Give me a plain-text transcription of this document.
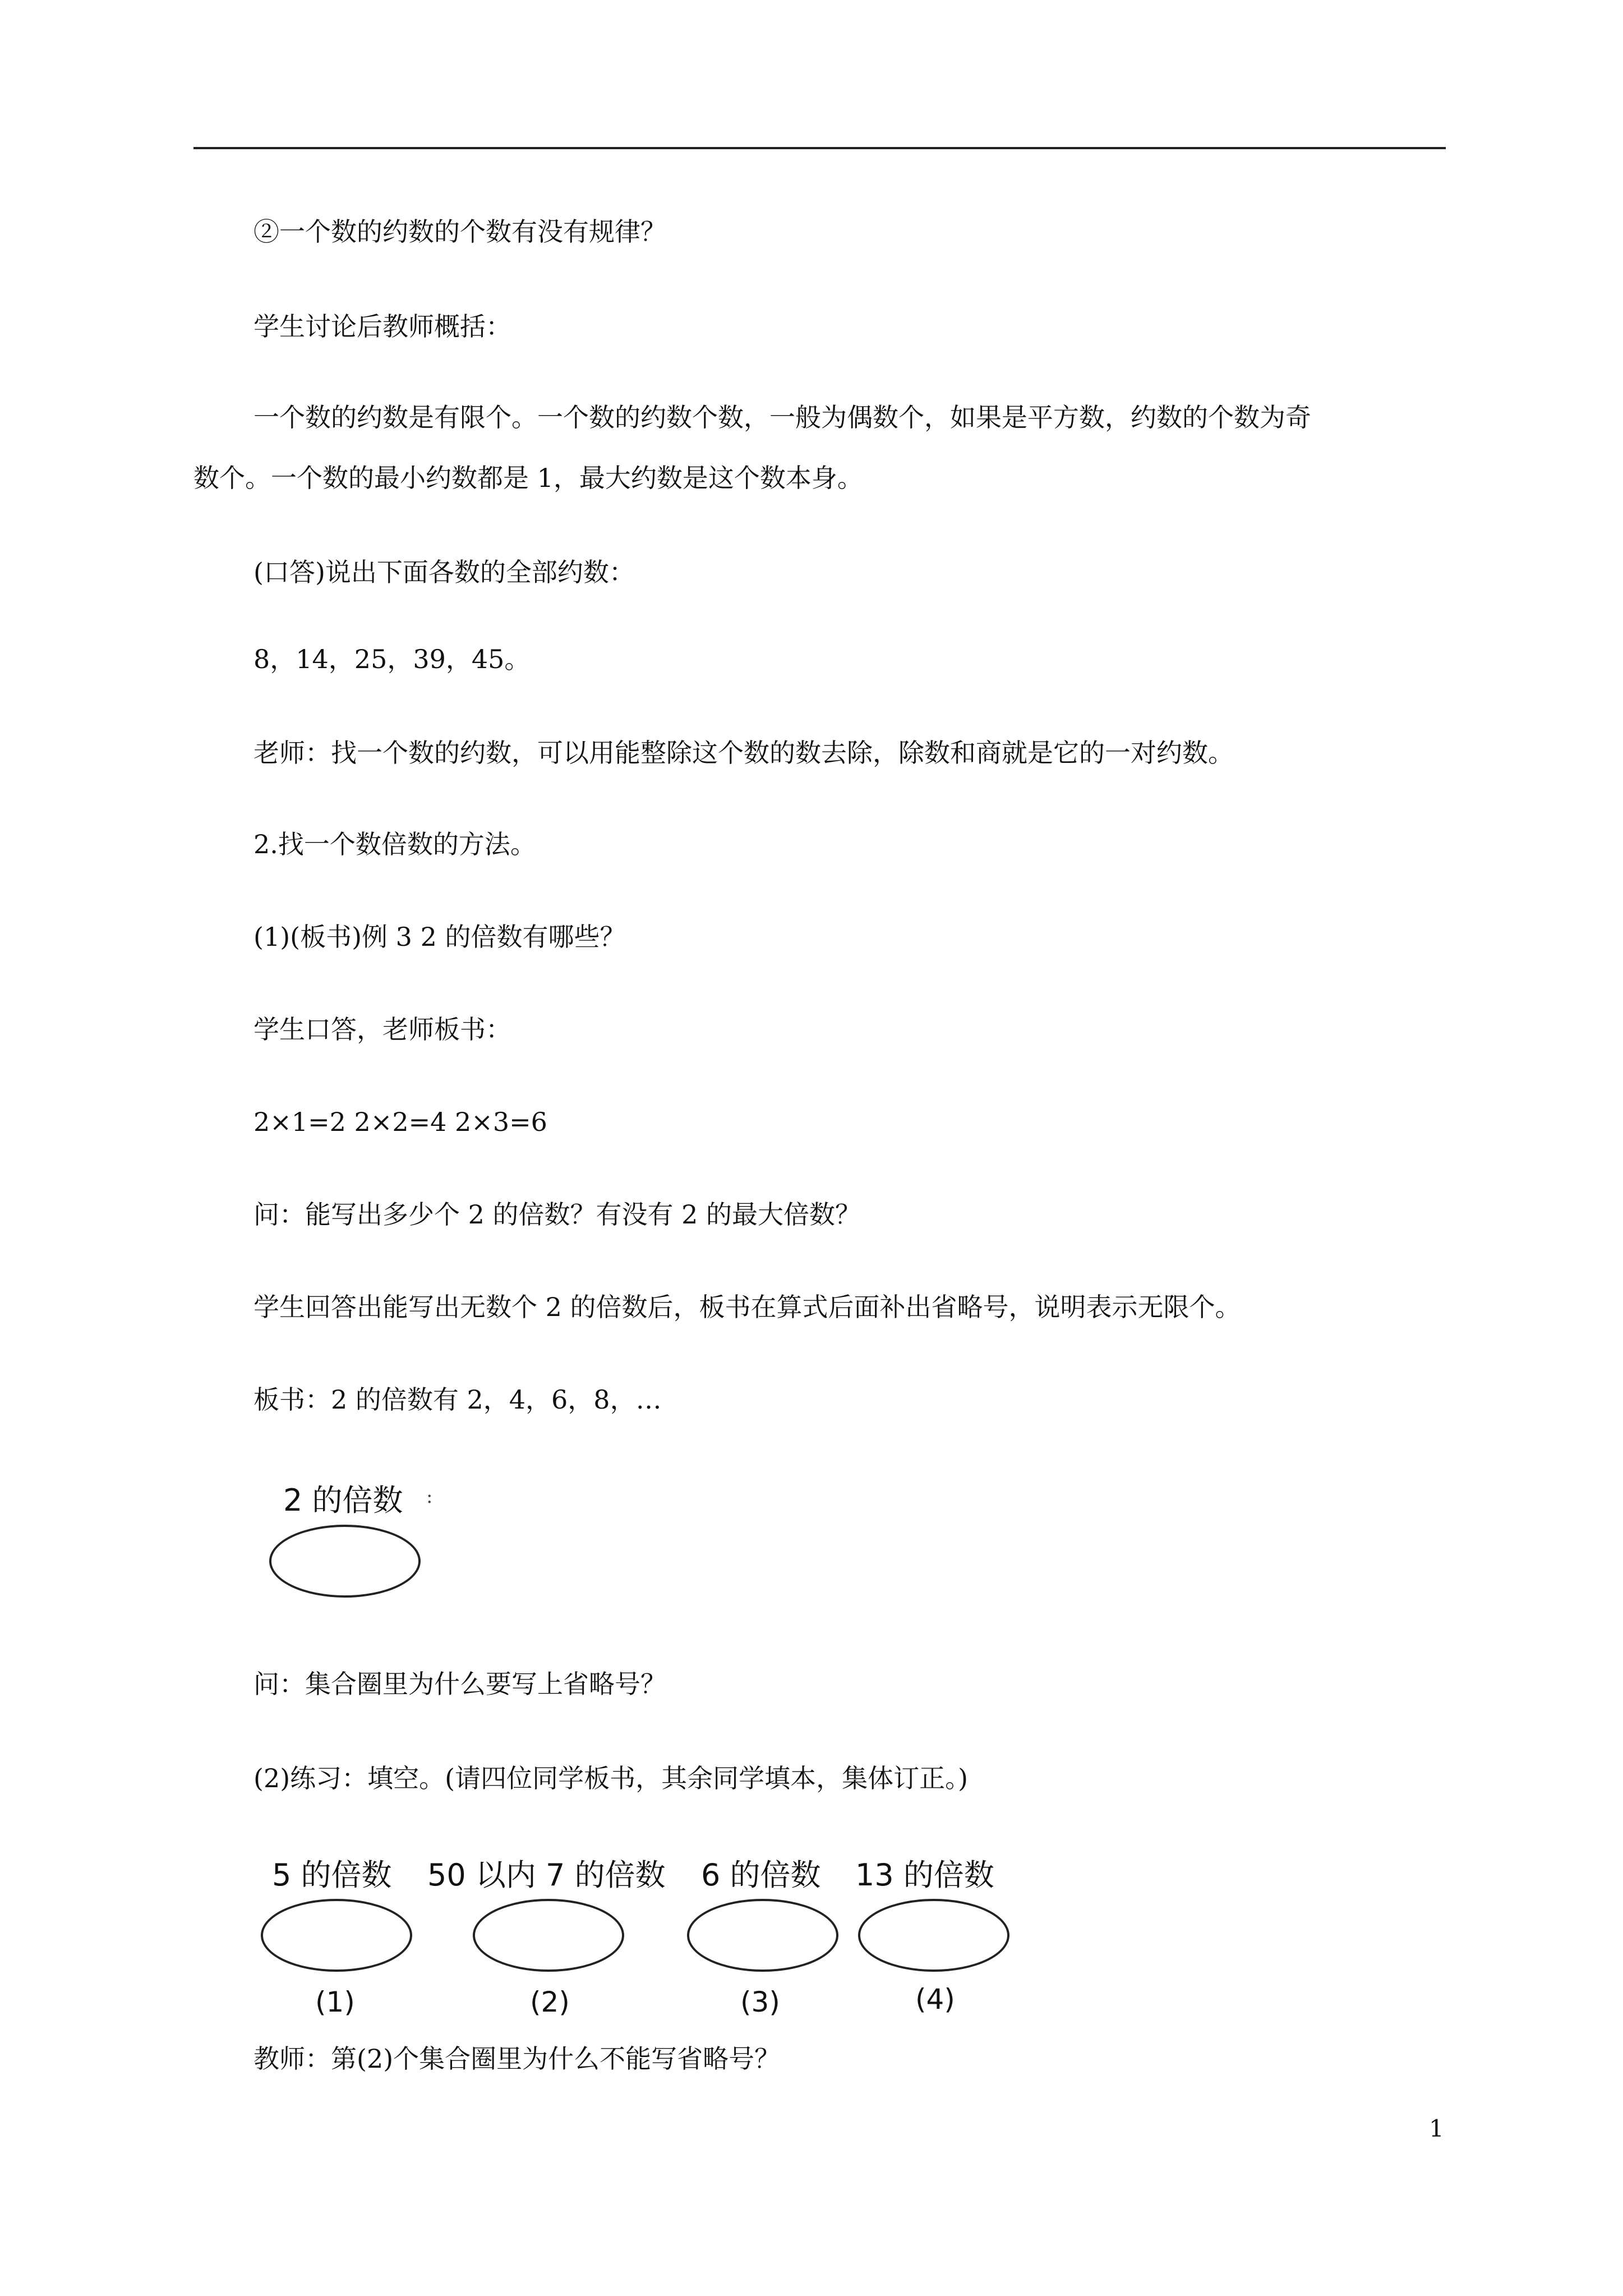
②一个数的约数的个数有没有规律？
学生讨论后教师概括：
一个数的约数是有限个。一个数的约数个数，一般为偶数个，如果是平方数，约数的个数为奇
数个。一个数的最小约数都是 1，最大约数是这个数本身。
(口答)说出下面各数的全部约数：
8，14，25，39，45。
老师：找一个数的约数，可以用能整除这个数的数去除，除数和商就是它的一对约数。
2.找一个数倍数的方法。
(1)(板书)例 3 2 的倍数有哪些？
学生口答，老师板书：
2×1=2 2×2=4 2×3=6
问：能写出多少个 2 的倍数？有没有 2 的最大倍数？
学生回答出能写出无数个 2 的倍数后，板书在算式后面补出省略号，说明表示无限个。
板书：2 的倍数有 2，4，6，8，…
2 的倍数 :
问：集合圈里为什么要写上省略号？
(2)练习：填空。(请四位同学板书，其余同学填本，集体订正。)
5 的倍数 50 以内 7 的倍数 6 的倍数 13 的倍数
(1)	(2)	(3)	(4)
教师：第(2)个集合圈里为什么不能写省略号？
1
